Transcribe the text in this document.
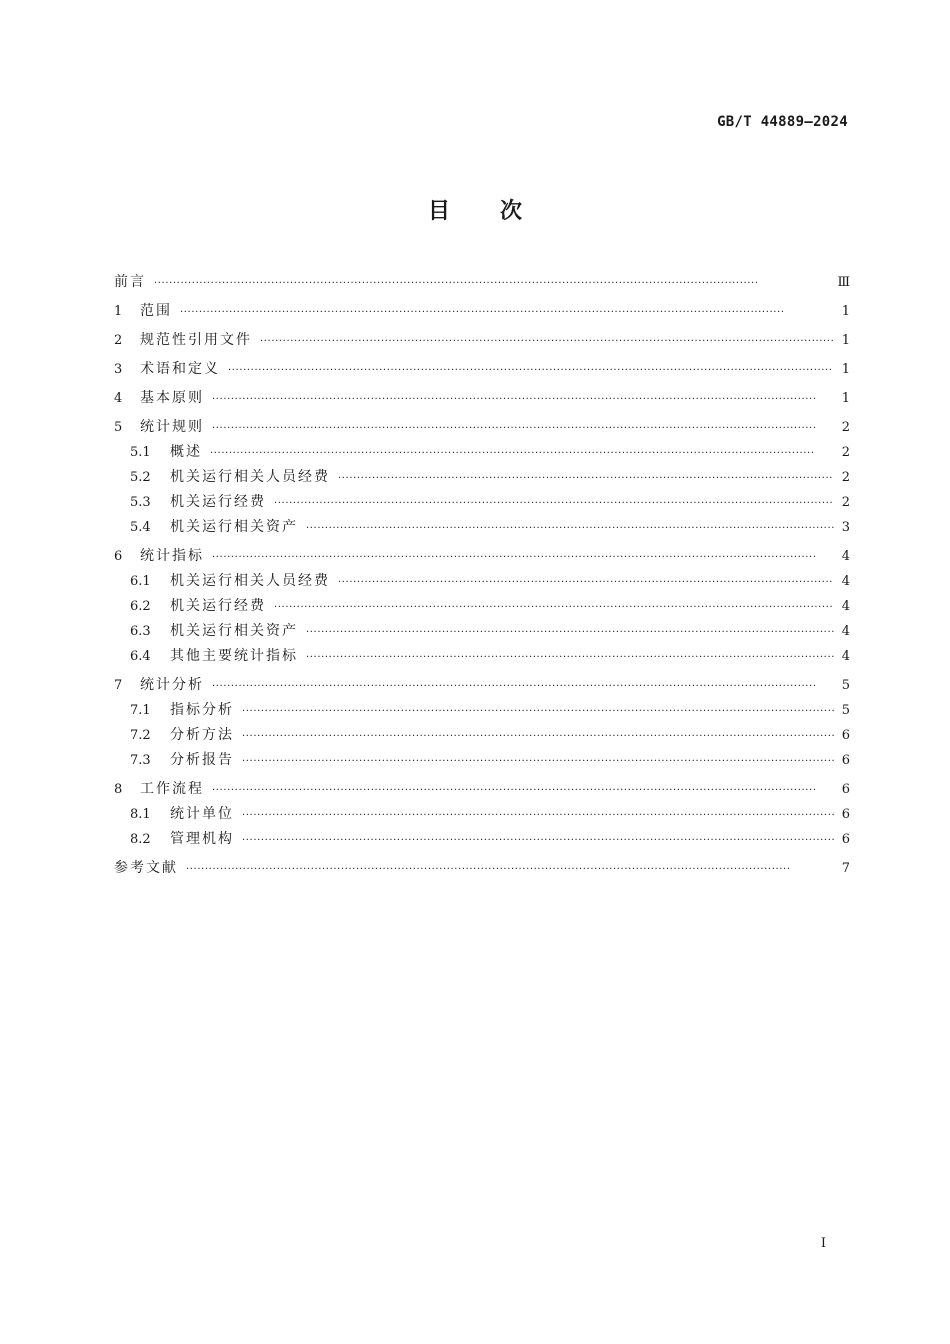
GB/T 44889—2024
目次
前言 ·····	Ⅲ
1	范围 ·····	1
2	规范性引用文件 ·····	1
3	术语和定义 ·····	1
4	基本原则 ·····	1
5	统计规则 ·····	2
5.1	概述 ·····	2
5.2	机关运行相关人员经费 ·····	2
5.3	机关运行经费 ·····	2
5.4	机关运行相关资产 ·····	3
6	统计指标 ·····	4
6.1	机关运行相关人员经费 ·····	4
6.2	机关运行经费 ·····	4
6.3	机关运行相关资产 ·····	4
6.4	其他主要统计指标 ·····	4
7	统计分析 ·····	5
7.1	指标分析 ·····	5
7.2	分析方法 ·····	6
7.3	分析报告 ·····	6
8	工作流程 ·····	6
8.1	统计单位 ·····	6
8.2	管理机构 ·····	6
参考文献 ·····	7
Ⅰ
